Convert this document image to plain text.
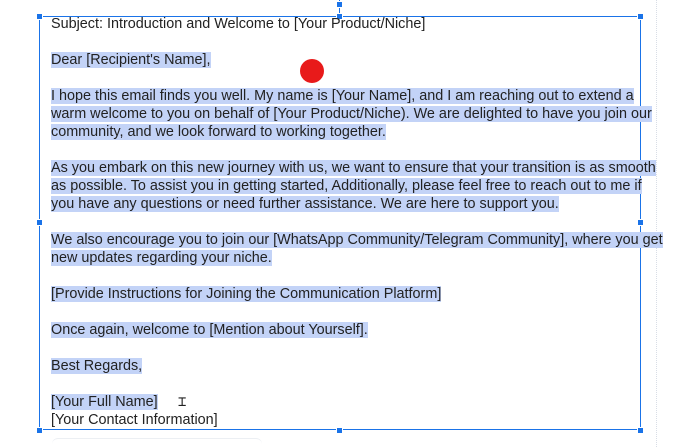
Subject: Introduction and Welcome to [Your Product/Niche]
Dear [Recipient's Name],
I hope this email finds you well. My name is [Your Name], and I am reaching out to extend a
warm welcome to you on behalf of [Your Product/Niche). We are delighted to have you join our
community, and we look forward to working together.
As you embark on this new journey with us, we want to ensure that your transition is as smooth
as possible. To assist you in getting started, Additionally, please feel free to reach out to me if
you have any questions or need further assistance. We are here to support you.
We also encourage you to join our [WhatsApp Community/Telegram Community], where you get
new updates regarding your niche.
[Provide Instructions for Joining the Communication Platform]
Once again, welcome to [Mention about Yourself].
Best Regards,
[Your Full Name]
[Your Contact Information]
⌶
